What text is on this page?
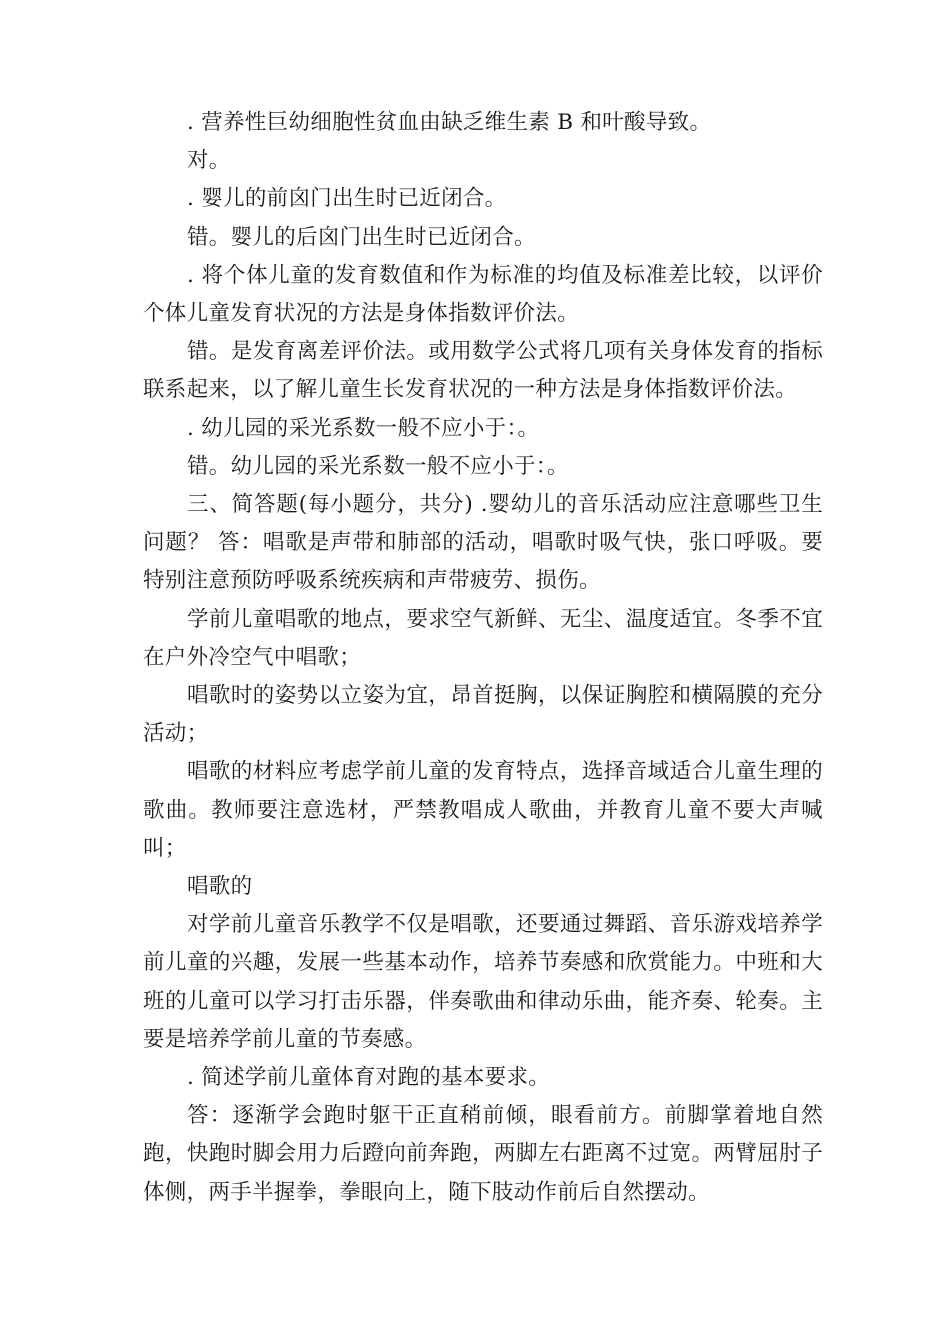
. 营养性巨幼细胞性贫血由缺乏维生素 B 和叶酸导致。

对。

. 婴儿的前囟门出生时已近闭合。

错。婴儿的后囟门出生时已近闭合。

. 将个体儿童的发育数值和作为标准的均值及标准差比较，以评价个体儿童发育状况的方法是身体指数评价法。

错。是发育离差评价法。或用数学公式将几项有关身体发育的指标联系起来，以了解儿童生长发育状况的一种方法是身体指数评价法。

. 幼儿园的采光系数一般不应小于：。

错。幼儿园的采光系数一般不应小于：。

三、简答题(每小题分，共分) .婴幼儿的音乐活动应注意哪些卫生问题？ 答：唱歌是声带和肺部的活动，唱歌时吸气快，张口呼吸。要特别注意预防呼吸系统疾病和声带疲劳、损伤。

学前儿童唱歌的地点，要求空气新鲜、无尘、温度适宜。冬季不宜在户外冷空气中唱歌；

唱歌时的姿势以立姿为宜，昂首挺胸，以保证胸腔和横隔膜的充分活动；

唱歌的材料应考虑学前儿童的发育特点，选择音域适合儿童生理的歌曲。教师要注意选材，严禁教唱成人歌曲，并教育儿童不要大声喊叫；

唱歌的

对学前儿童音乐教学不仅是唱歌，还要通过舞蹈、音乐游戏培养学前儿童的兴趣，发展一些基本动作，培养节奏感和欣赏能力。中班和大班的儿童可以学习打击乐器，伴奏歌曲和律动乐曲，能齐奏、轮奏。主要是培养学前儿童的节奏感。

. 简述学前儿童体育对跑的基本要求。

答：逐渐学会跑时躯干正直稍前倾，眼看前方。前脚掌着地自然跑，快跑时脚会用力后蹬向前奔跑，两脚左右距离不过宽。两臂屈肘子体侧，两手半握拳，拳眼向上，随下肢动作前后自然摆动。
